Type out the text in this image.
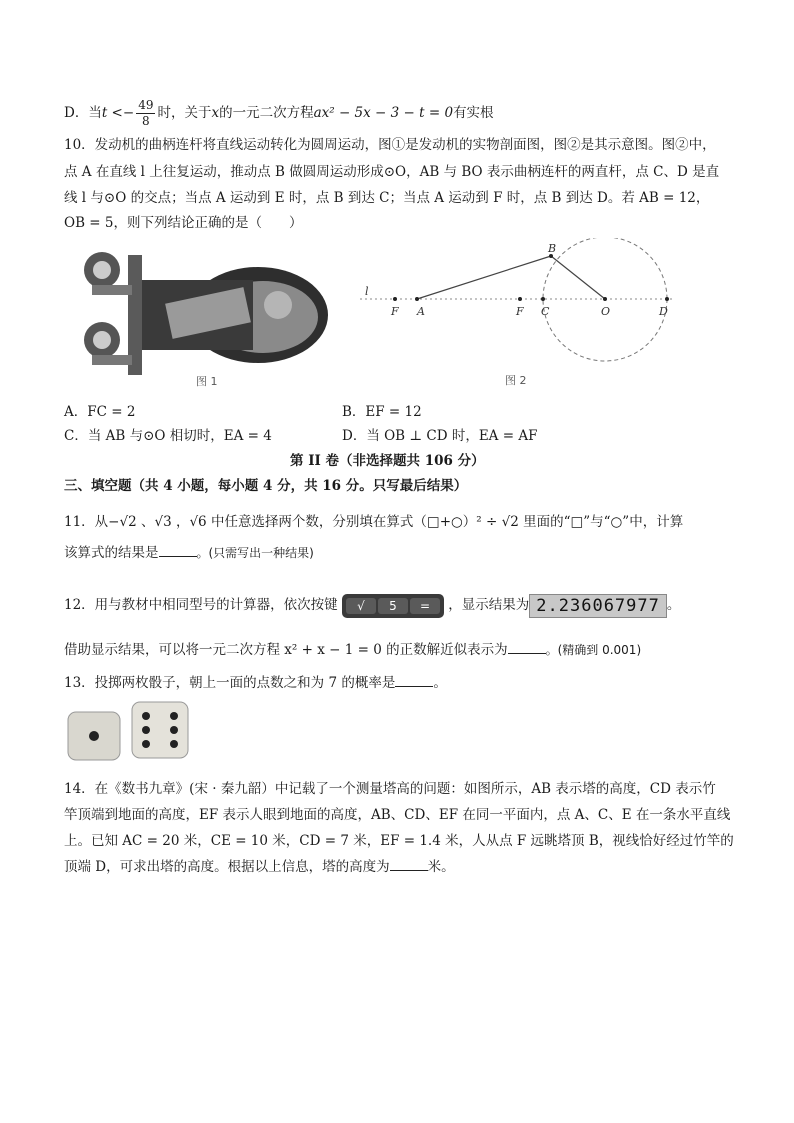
D．当$t <- \frac{49}{8}$ 时，关于x的一元二次方程ax² − 5x − 3 − t = 0有实根
10．发动机的曲柄连杆将直线运动转化为圆周运动，图①是发动机的实物剖面图，图②是其示意图。图②中，
点 A 在直线 l 上往复运动，推动点 B 做圆周运动形成⊙O，AB 与 BO 表示曲柄连杆的两直杆，点 C、D 是直
线 l 与⊙O 的交点；当点 A 运动到 E 时，点 B 到达 C；当点 A 运动到 F 时，点 B 到达 D。若 AB = 12，
OB = 5，则下列结论正确的是（　　）
图 1
l
F A	F C	O	D
B
图 2
A．FC = 2	B．EF = 12
C．当 AB 与⊙O 相切时，EA = 4	D．当 OB ⊥ CD 时，EA = AF
第 II 卷（非选择题共 106 分）
三、填空题（共 4 小题，每小题 4 分，共 16 分。只写最后结果）
11．从−√2 、√3 ，√6 中任意选择两个数，分别填在算式（□+○）² ÷ √2 里面的“□”与“○”中，计算
该算式的结果是	。(只需写出一种结果)
12．用与教材中相同型号的计算器，依次按键	√	5	=	，显示结果为 2.236067977 。
借助显示结果，可以将一元二次方程 x² + x − 1 = 0 的正数解近似表示为	。(精确到 0.001)
13．投掷两枚骰子，朝上一面的点数之和为 7 的概率是	。
14．在《数书九章》(宋 · 秦九韶）中记载了一个测量塔高的问题：如图所示，AB 表示塔的高度，CD 表示竹
竿顶端到地面的高度，EF 表示人眼到地面的高度，AB、CD、EF 在同一平面内，点 A、C、E 在一条水平直线
上。已知 AC = 20 米，CE = 10 米，CD = 7 米，EF = 1.4 米，人从点 F 远眺塔顶 B，视线恰好经过竹竿的
顶端 D，可求出塔的高度。根据以上信息，塔的高度为	米。
